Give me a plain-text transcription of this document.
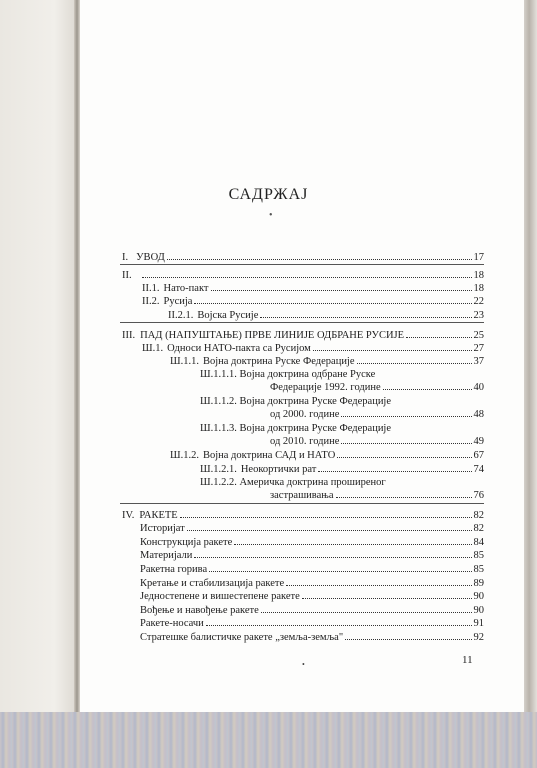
САДРЖАЈ
•
I. УВОД	17
II.	18
II.1. Нато-пакт	18
II.2. Русија	22
II.2.1. Војска Русије	23
III. ПАД (НАПУШТАЊЕ) ПРВЕ ЛИНИЈЕ ОДБРАНЕ РУСИЈЕ	25
Ш.1. Односи НАТО-пакта са Русијом	27
Ш.1.1. Војна доктрина Руске Федерације	37
Ш.1.1.1. Војна доктрина одбране Руске
Федерације 1992. године	40
Ш.1.1.2. Војна доктрина Руске Федерације
од 2000. године	48
Ш.1.1.3. Војна доктрина Руске Федерације
од 2010. године	49
Ш.1.2. Војна доктрина САД и НАТО	67
Ш.1.2.1. Неокортички рат	74
Ш.1.2.2. Америчка доктрина проширеног
застрашивања	76
IV. РАКЕТЕ	82
Историјат	82
Конструкција ракете	84
Материјали	85
Ракетна горива	85
Кретање и стабилизација ракете	89
Једностепене и вишестепене ракете	90
Вођење и навођење ракете	90
Ракете-носачи	91
Стратешке балистичке ракете „земља-земља"	92
•	11
